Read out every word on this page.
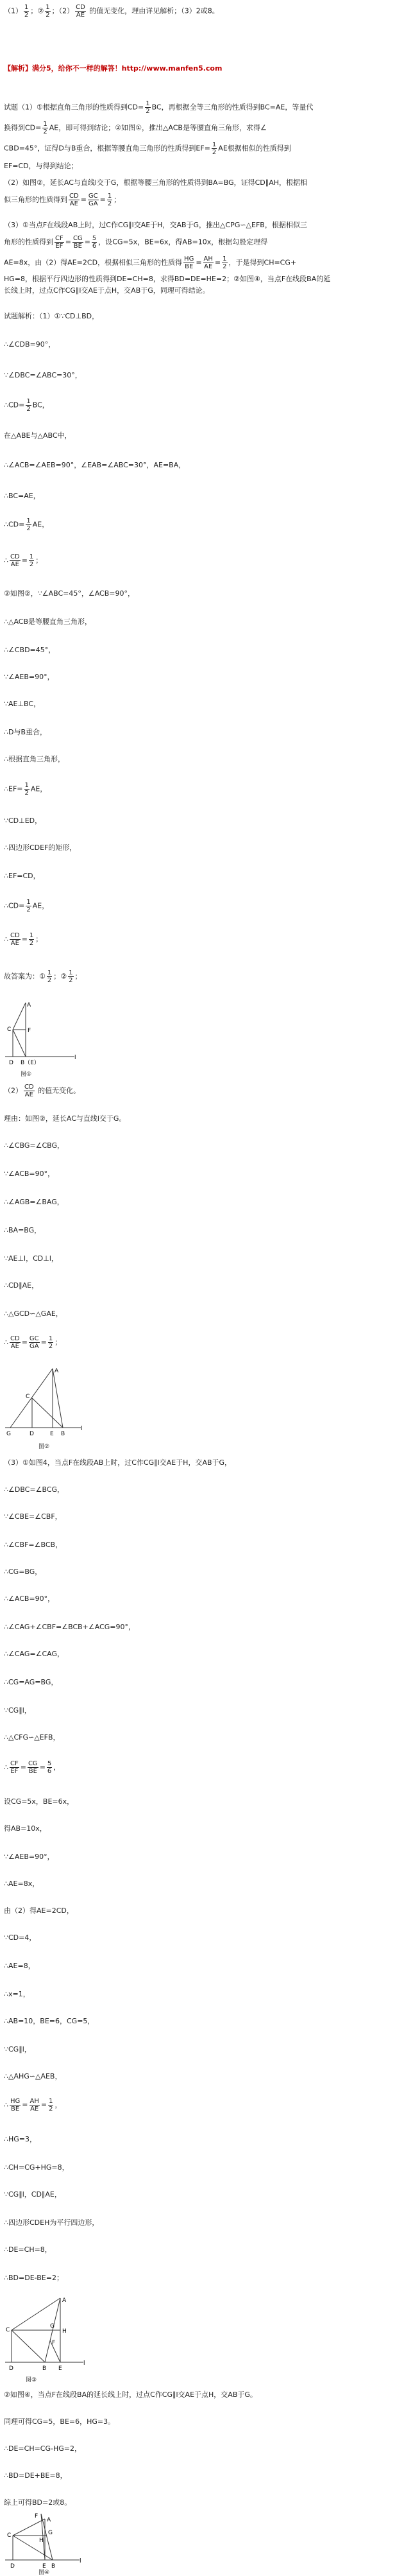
$(1) \frac{1}{2}$ ；② $\frac{1}{2}$ ；$(2) \frac{CD}{AE}$ 的值无变化，理由详见解析；（3）2或8。
【解析】满分5，给你不一样的解答！http://www.manfen5.com
试题（1）①根据直角三角形的性质得到$CD= \frac{1}{2}$ BC，再根据全等三角形的性质得到BC=AE，等量代
换得到$CD= \frac{1}{2}$ AE，即可得到结论；②如图①，推出△ACB是等腰直角三角形，求得∠
CBD=45°，证得D与B重合，根据等腰直角三角形的性质得到$EF= \frac{1}{2}$ AE根据相似的性质得到
EF=CD，与得到结论；
（2）如图②，延长AC与直线l交于G，根据等腰三角形的性质得到BA=BG，证得CD∥AH，根据相
似三角形的性质得到 $\frac{CD}{AE} = \frac{GC}{GA} = \frac{1}{2}$ ；
（3）①当点F在线段AB上时，过C作CG∥l交AE于H，交AB于G，推出△CPG∽△EFB，根据相似三
角形的性质得到 $\frac{CF}{EF} = \frac{CG}{BE} = \frac{5}{6}$ ，设CG=5x，BE=6x，得AB=10x，根据勾股定理得
AE=8x，由（2）得AE=2CD，根据相似三角形的性质得 $\frac{HG}{BE} = \frac{AH}{AE} = \frac{1}{2}$ ，于是得到CH=CG+
HG=8，根据平行四边形的性质得到DE=CH=8，求得BD=DE=HE=2；②如图④，当点F在线段BA的延
长线上时，过点C作CG∥l交AE于点H，交AB于G，同理可得结论。
试题解析：（1）①∵CD⊥BD，
∴∠CDB=90°，
∵∠DBC=∠ABC=30°，
∴CD= $\frac{1}{2}$ BC，
在△ABE与△ABC中，
∴∠ACB=∠AEB=90°，∠EAB=∠ABC=30°，AE=BA，
∴BC=AE，
∴CD= $\frac{1}{2}$ AE，
∴ $\frac{CD}{AE} = \frac{1}{2}$ ；
②如图②，∵∠ABC=45°，∠ACB=90°，
∴△ACB是等腰直角三角形，
∴∠CBD=45°，
∵∠AEB=90°，
∵AE⊥BC，
∴D与B重合，
∴根据直角三角形，
∴EF= $\frac{1}{2}$ AE，
∵CD⊥ED，
∴四边形CDEF的矩形，
∴EF=CD，
∴CD= $\frac{1}{2}$ AE，
∴ $\frac{CD}{AE} = \frac{1}{2}$ ；
故答案为：① $\frac{1}{2}$ ；② $\frac{1}{2}$ ；
A
C	F
D B（E）
l
图①
$(2) \frac{CD}{AE}$ 的值无变化。
理由：如图②，延长AC与直线l交于G。
∴∠CBG=∠CBG，
∵∠ACB=90°，
∴∠AGB=∠BAG，
∴BA=BG，
∵AE⊥l，CD⊥l，
∴CD∥AE，
∴△GCD∽△GAE，
∴ $\frac{CD}{AE} = \frac{GC}{GA} = \frac{1}{2}$ ；
A
C
G	D	E B
l
图②
（3）①如图4，当点F在线段AB上时，过C作CG∥l交AE于H，交AB于G，
∴∠DBC=∠BCG，
∵∠CBE=∠CBF，
∴∠CBF=∠BCB，
∴CG=BG，
∴∠ACB=90°，
∴∠CAG+∠CBF=∠BCB+∠ACG=90°，
∴∠CAG=∠CAG，
∴CG=AG=BG，
∵CG∥l，
∴△CFG∽△EFB，
∴ $\frac{CF}{EF} = \frac{CG}{BE} = \frac{5}{6}$ ，
设CG=5x，BE=6x，
得AB=10x，
∵∠AEB=90°，
∴AE=8x，
由（2）得AE=2CD，
∵CD=4，
∴AE=8，
∴x=1，
∴AB=10，BE=6，CG=5，
∵CG∥l，
∴△AHG∽△AEB，
∴ $\frac{HG}{BE} = \frac{AH}{AE} = \frac{1}{2}$ ，
∴HG=3，
∴CH=CG+HG=8，
∵CG∥l，CD∥AE，
∴四边形CDEH为平行四边形，
∴DE=CH=8，
∴BD=DE-BE=2；
A
C	H
G
F
D	B E
l
图③
②如图④，当点F在线段BA的延长线上时，过点C作CG∥l交AE于点H，交AB于G。
同理可得CG=5，BE=6，HG=3。
∴DE=CH=CG-HG=2，
∴BD=DE+BE=8，
综上可得BD=2或8。
F
A
C	G
H
D	E B
l
图④
